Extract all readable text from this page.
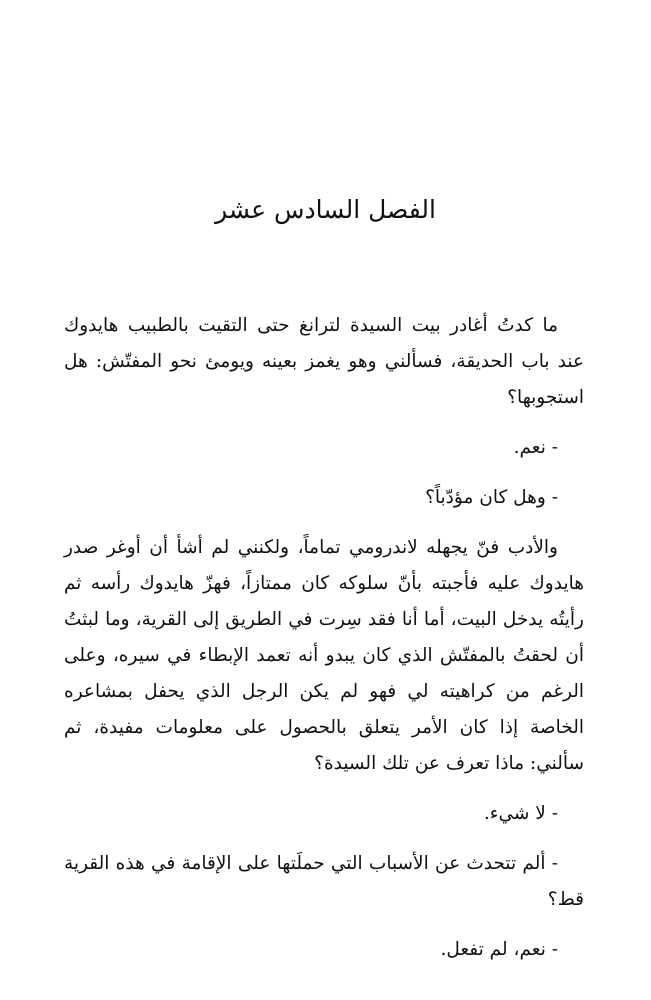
الفصل السادس عشر

ما كدتُ أغادر بيت السيدة لترانغ حتى التقيت بالطبيب هايدوك عند باب الحديقة، فسألني وهو يغمز بعينه ويومئ نحو المفتّش: هل استجوبها؟

- نعم.

- وهل كان مؤدّباً؟

والأدب فنّ يجهله لاندرومي تماماً، ولكنني لم أشأ أن أوغر صدر هايدوك عليه فأجبته بأنّ سلوكه كان ممتازاً، فهزّ هايدوك رأسه ثم رأيتُه يدخل البيت، أما أنا فقد سِرت في الطريق إلى القرية، وما لبثتُ أن لحقتُ بالمفتّش الذي كان يبدو أنه تعمد الإبطاء في سيره، وعلى الرغم من كراهيته لي فهو لم يكن الرجل الذي يحفل بمشاعره الخاصة إذا كان الأمر يتعلق بالحصول على معلومات مفيدة، ثم سألني: ماذا تعرف عن تلك السيدة؟

- لا شيء.

- ألم تتحدث عن الأسباب التي حملَتها على الإقامة في هذه القرية قط؟

- نعم، لم تفعل.
